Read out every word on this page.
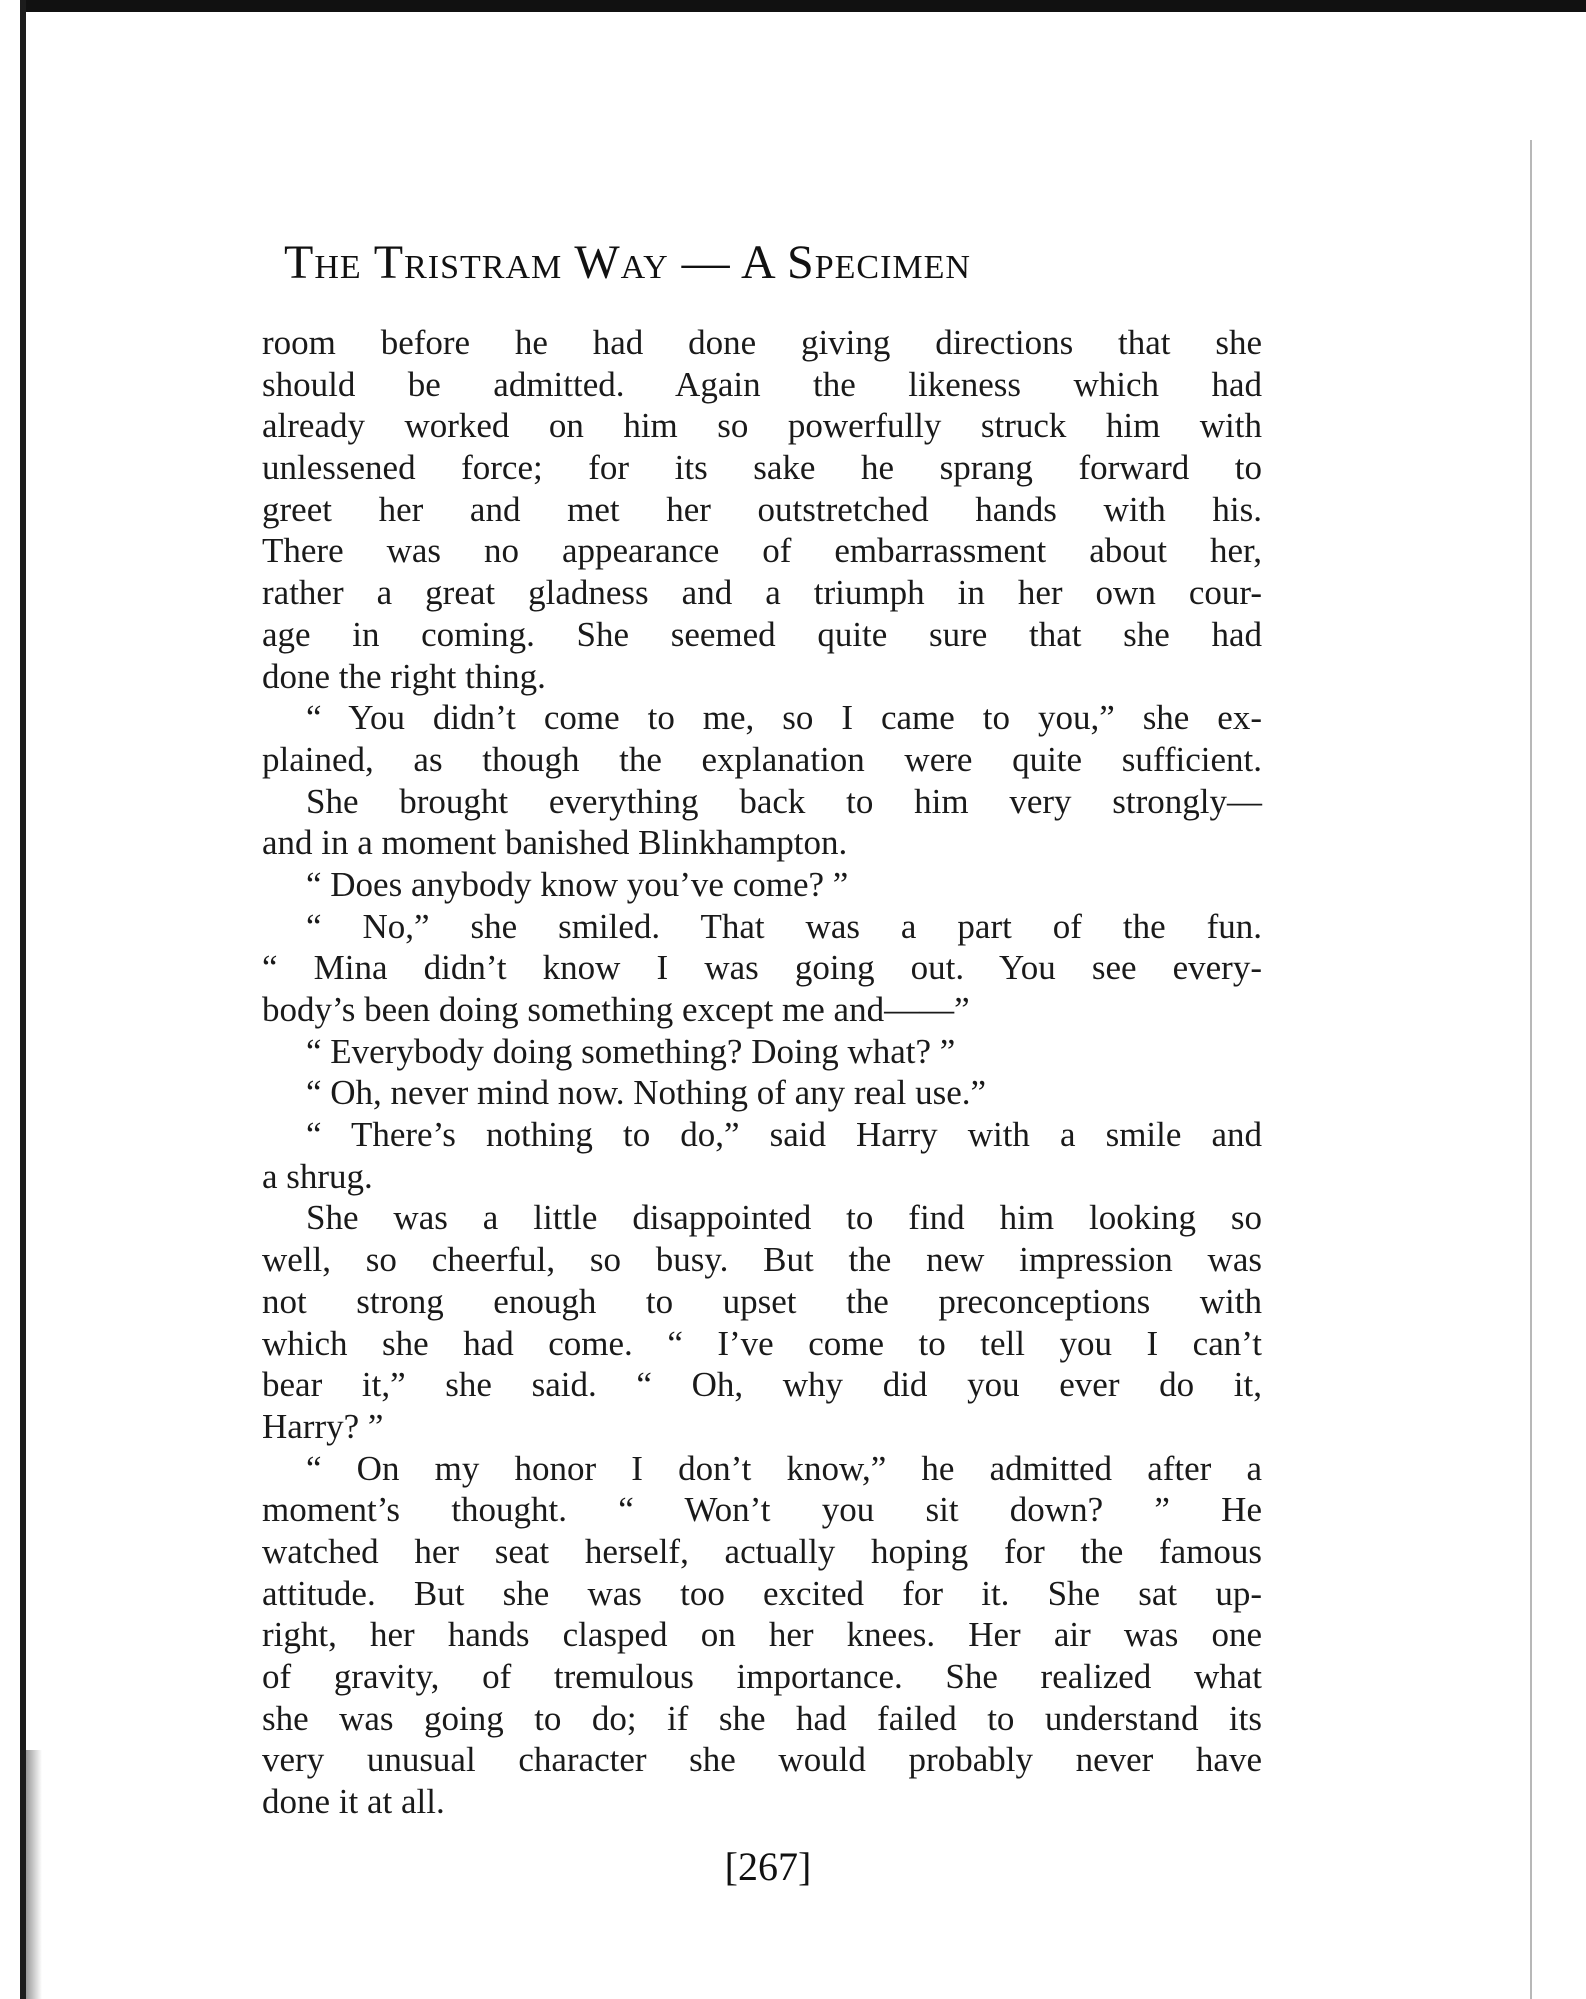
The Tristram Way — A Specimen
room before he had done giving directions that she
should be admitted. Again the likeness which had
already worked on him so powerfully struck him with
unlessened force; for its sake he sprang forward to
greet her and met her outstretched hands with his.
There was no appearance of embarrassment about her,
rather a great gladness and a triumph in her own cour-
age in coming. She seemed quite sure that she had
done the right thing.
“ You didn’t come to me, so I came to you,” she ex-
plained, as though the explanation were quite sufficient.
She brought everything back to him very strongly—
and in a moment banished Blinkhampton.
“ Does anybody know you’ve come? ”
“ No,” she smiled. That was a part of the fun.
“ Mina didn’t know I was going out. You see every-
body’s been doing something except me and——”
“ Everybody doing something? Doing what? ”
“ Oh, never mind now. Nothing of any real use.”
“ There’s nothing to do,” said Harry with a smile and
a shrug.
She was a little disappointed to find him looking so
well, so cheerful, so busy. But the new impression was
not strong enough to upset the preconceptions with
which she had come. “ I’ve come to tell you I can’t
bear it,” she said. “ Oh, why did you ever do it,
Harry? ”
“ On my honor I don’t know,” he admitted after a
moment’s thought. “ Won’t you sit down? ” He
watched her seat herself, actually hoping for the famous
attitude. But she was too excited for it. She sat up-
right, her hands clasped on her knees. Her air was one
of gravity, of tremulous importance. She realized what
she was going to do; if she had failed to understand its
very unusual character she would probably never have
done it at all.
[267]
